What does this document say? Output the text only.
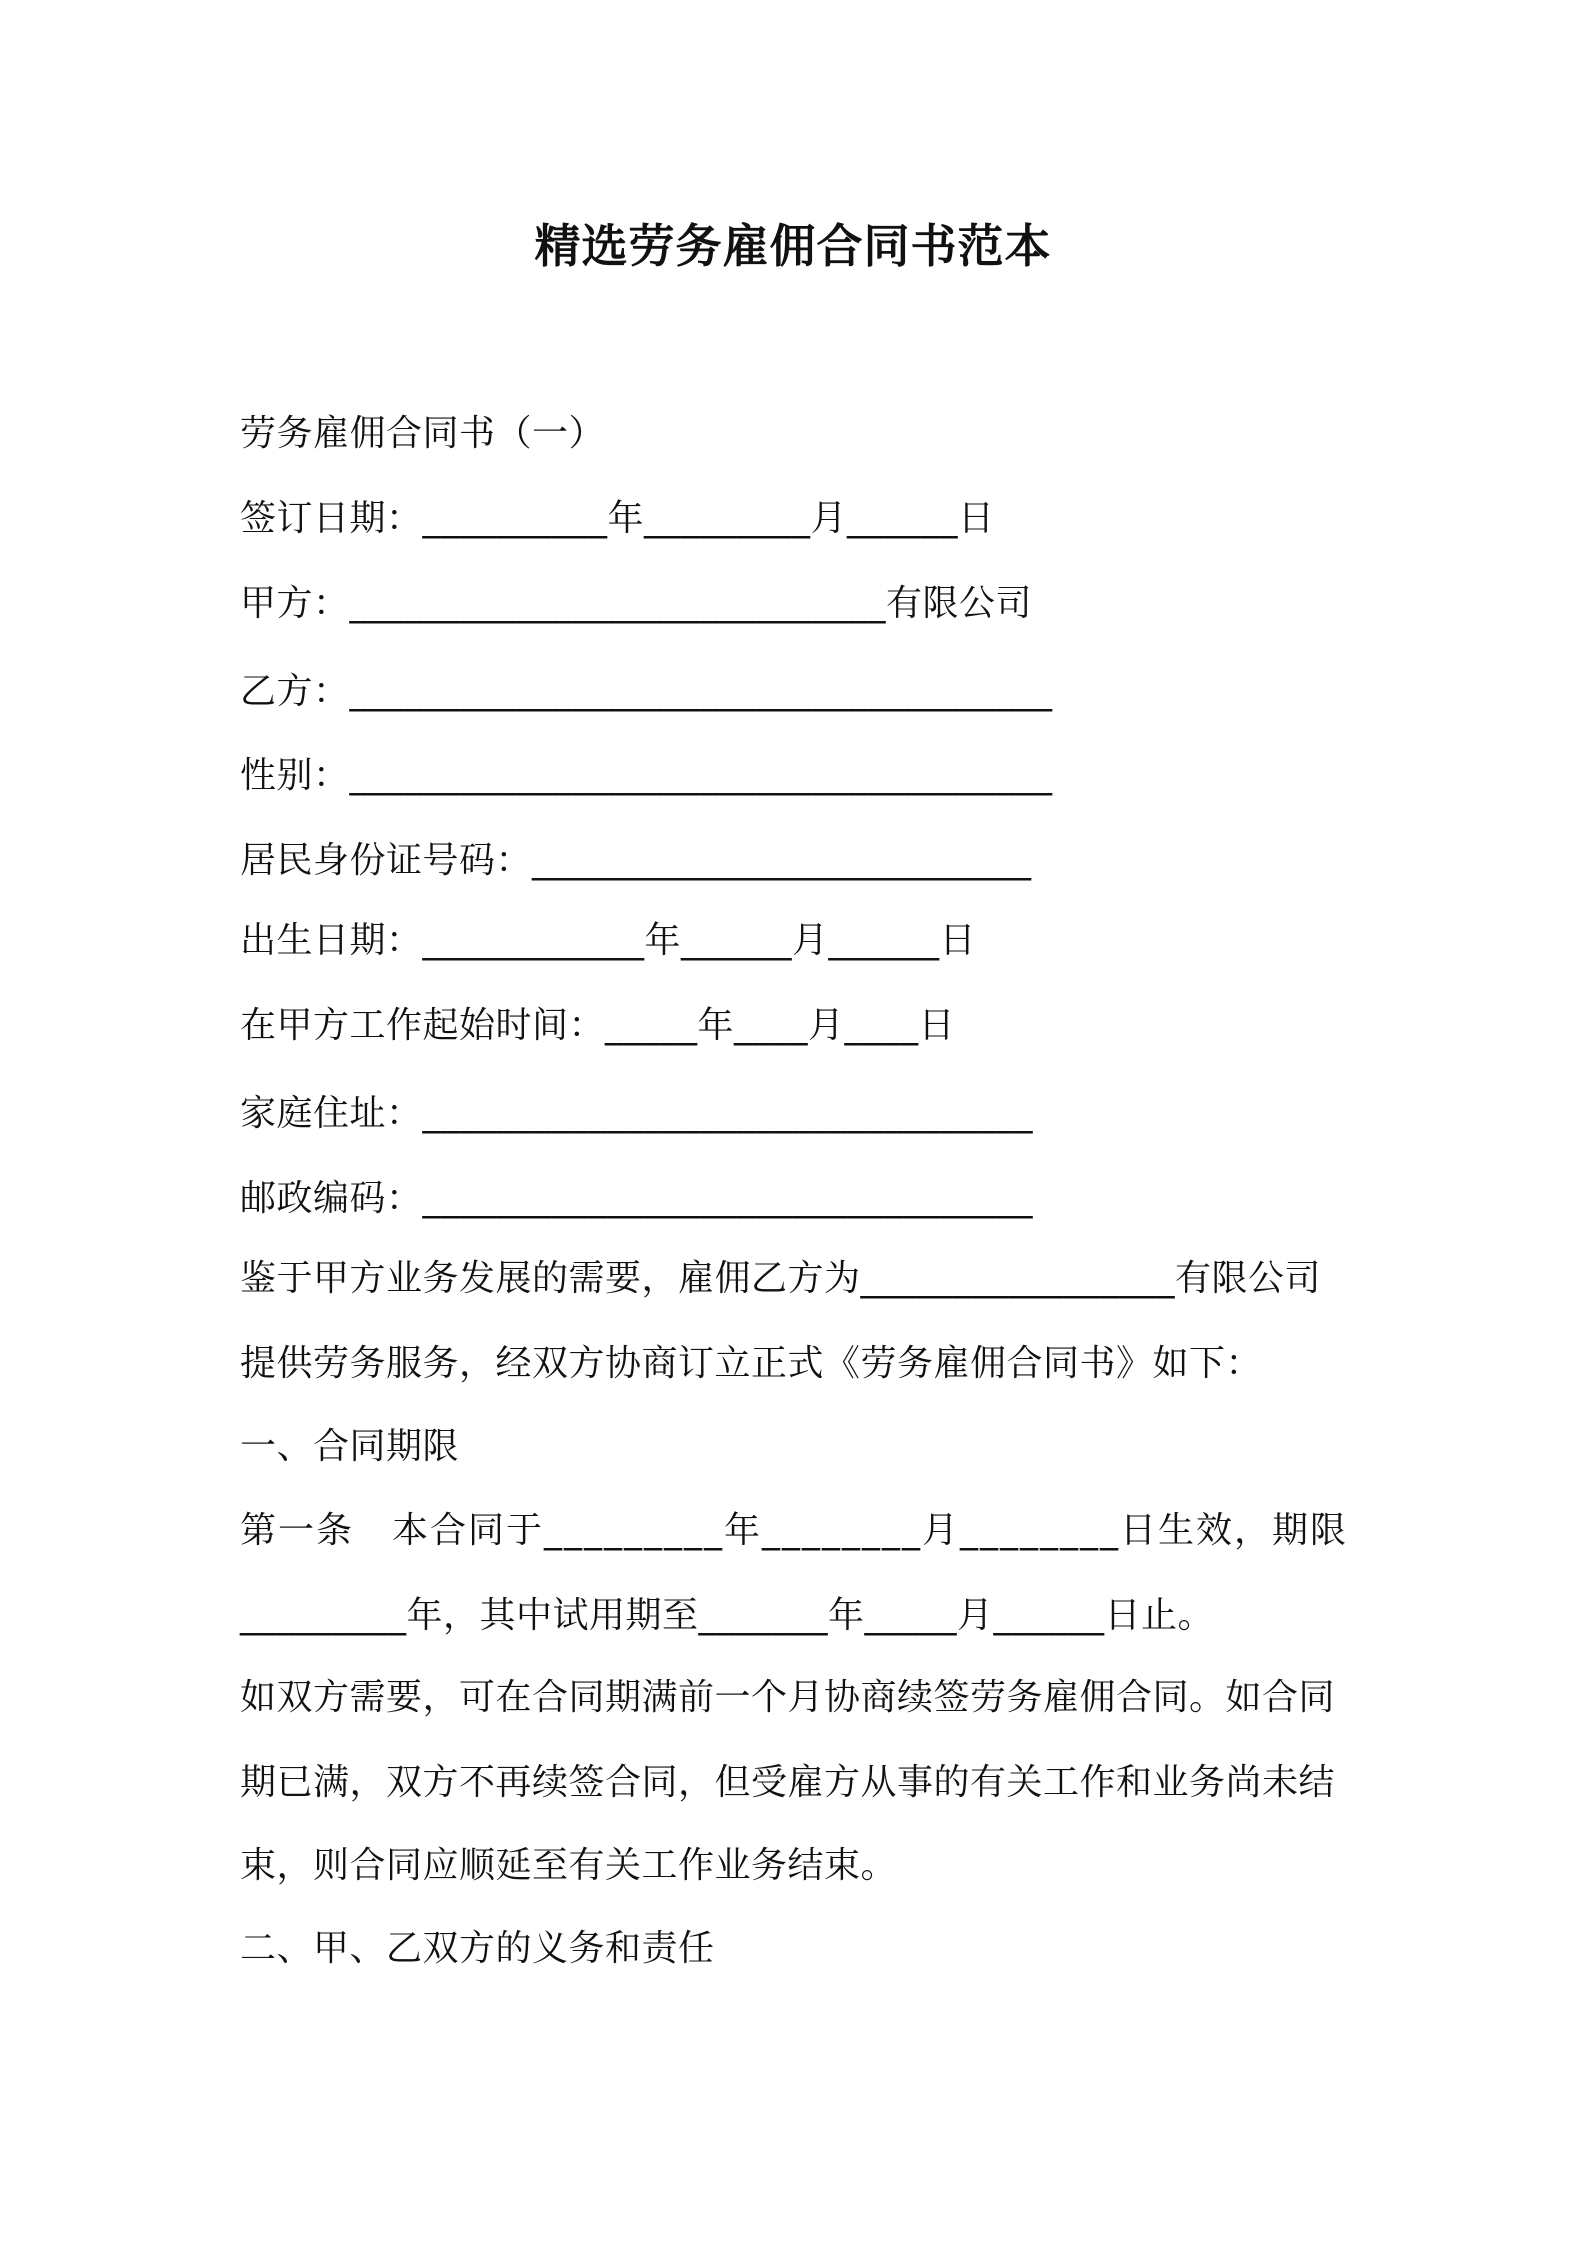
精选劳务雇佣合同书范本
劳务雇佣合同书（一）
签订日期：__________年_________月______日
甲方：_____________________________有限公司
乙方：______________________________________
性别：______________________________________
居民身份证号码：___________________________
出生日期：____________年______月______日
在甲方工作起始时间：_____年____月____日
家庭住址：_________________________________
邮政编码：_________________________________
鉴于甲方业务发展的需要，雇佣乙方为_________________有限公司
提供劳务服务，经双方协商订立正式《劳务雇佣合同书》如下：
一、合同期限
第一条　本合同于_________年________月________日生效，期限
_________年，其中试用期至_______年_____月______日止。
如双方需要，可在合同期满前一个月协商续签劳务雇佣合同。如合同
期已满，双方不再续签合同，但受雇方从事的有关工作和业务尚未结
束，则合同应顺延至有关工作业务结束。
二、甲、乙双方的义务和责任
